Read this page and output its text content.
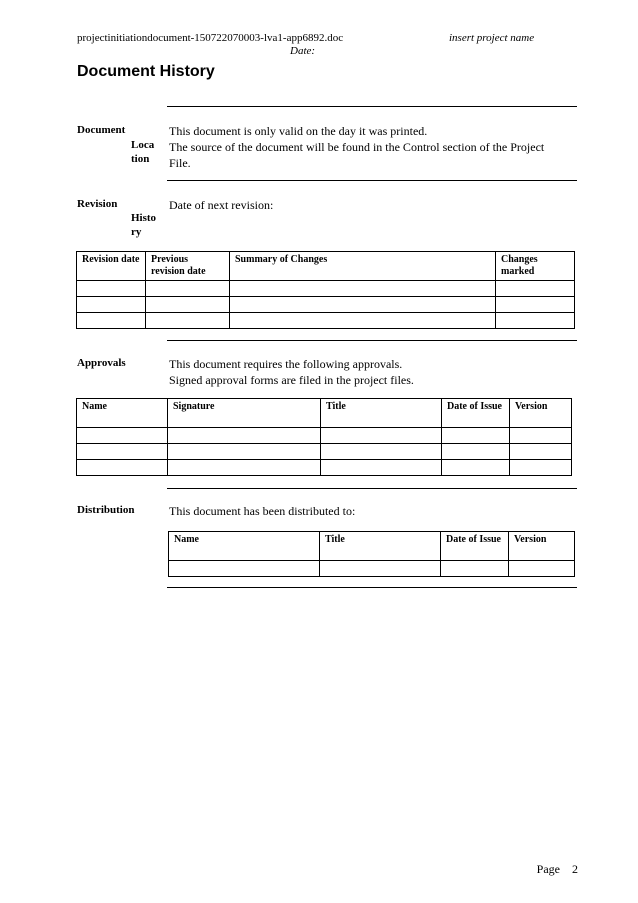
projectinitiationdocument-150722070003-lva1-app6892.doc	insert project name
Date:
Document History
Document
Loca
tion
This document is only valid on the day it was printed.
The source of the document will be found in the Control section of the Project
File.
Revision
Histo
ry
Date of next revision:
Revision date	Previous revision date	Summary of Changes	Changes marked

Approvals	This document requires the following approvals.
Signed approval forms are filed in the project files.
Name	Signature	Title	Date of Issue	Version

Distribution	This document has been distributed to:
Name	Title	Date of Issue	Version

Page 2
